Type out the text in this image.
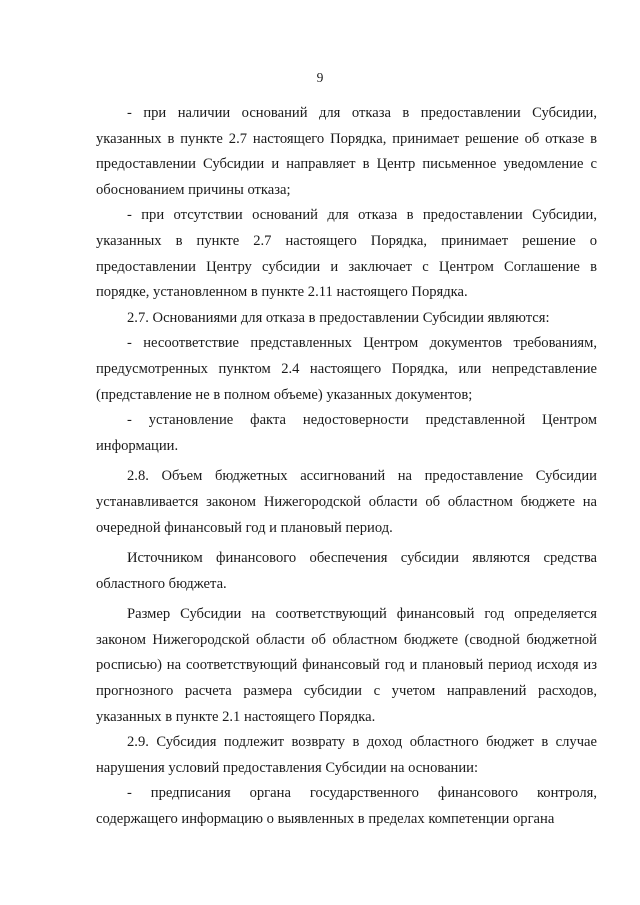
9

- при наличии оснований для отказа в предоставлении Субсидии, указанных в пункте 2.7 настоящего Порядка, принимает решение об отказе в предоставлении Субсидии и направляет в Центр письменное уведомление с обоснованием причины отказа;

- при отсутствии оснований для отказа в предоставлении Субсидии, указанных в пункте 2.7 настоящего Порядка, принимает решение о предоставлении Центру субсидии и заключает с Центром Соглашение в порядке, установленном в пункте 2.11 настоящего Порядка.

2.7. Основаниями для отказа в предоставлении Субсидии являются:

- несоответствие представленных Центром документов требованиям, предусмотренных пунктом 2.4 настоящего Порядка, или непредставление (представление не в полном объеме) указанных документов;

- установление факта недостоверности представленной Центром информации.

2.8. Объем бюджетных ассигнований на предоставление Субсидии устанавливается законом Нижегородской области об областном бюджете на очередной финансовый год и плановый период.

Источником финансового обеспечения субсидии являются средства областного бюджета.

Размер Субсидии на соответствующий финансовый год определяется законом Нижегородской области об областном бюджете (сводной бюджетной росписью) на соответствующий финансовый год и плановый период исходя из прогнозного расчета размера субсидии с учетом направлений расходов, указанных в пункте 2.1 настоящего Порядка.

2.9. Субсидия подлежит возврату в доход областного бюджет в случае нарушения условий предоставления Субсидии на основании:

- предписания органа государственного финансового контроля, содержащего информацию о выявленных в пределах компетенции органа
